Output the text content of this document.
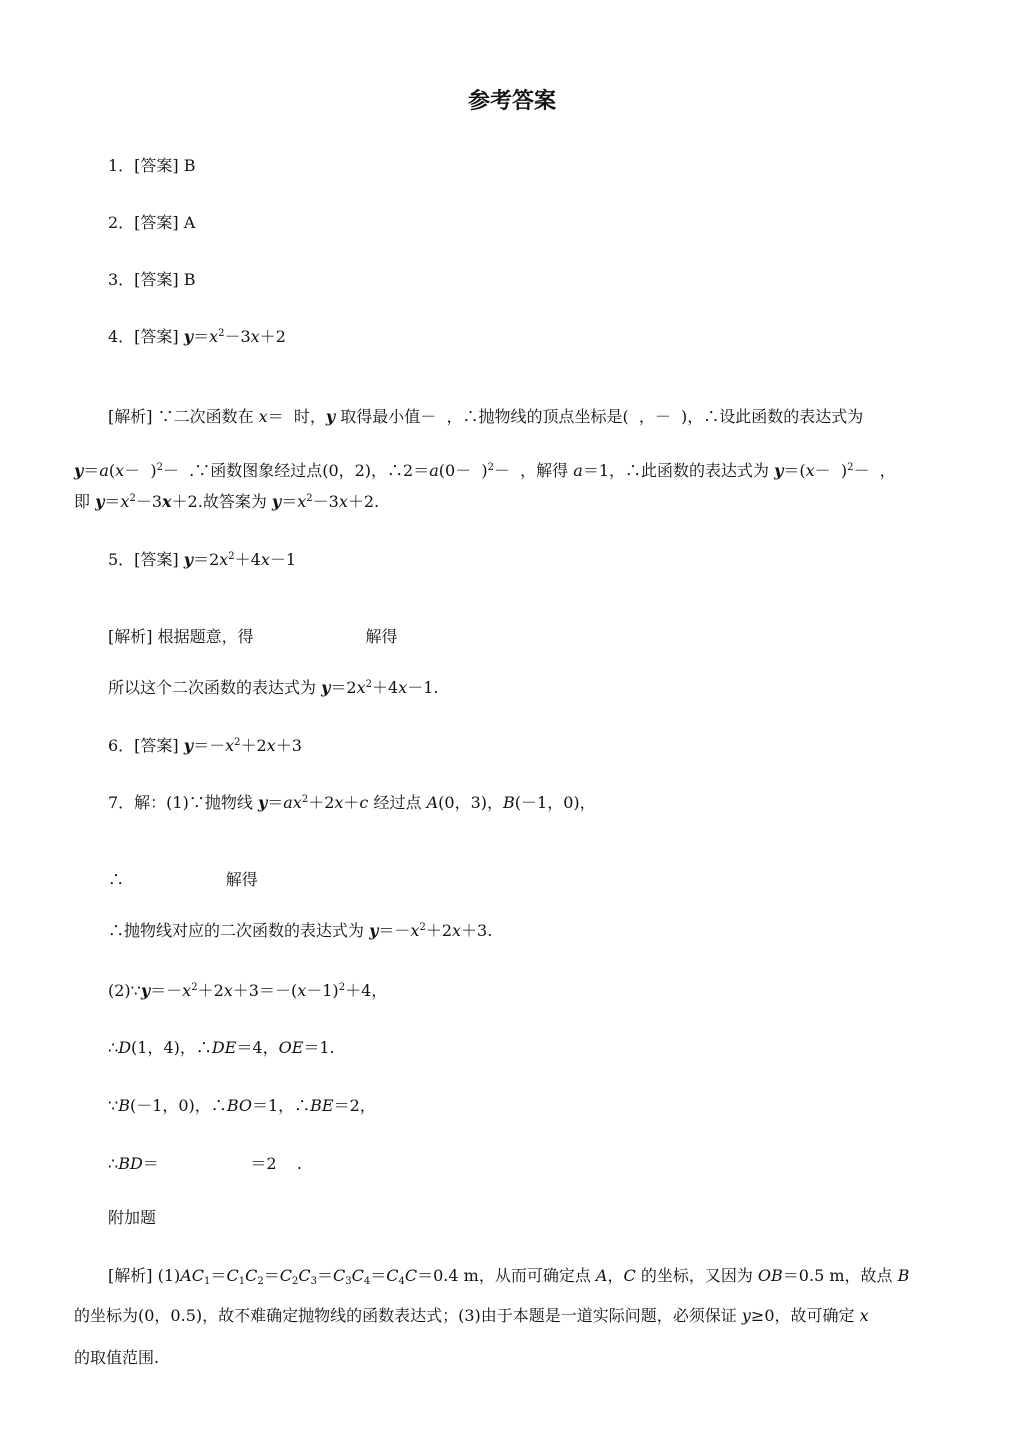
参考答案
1．[答案] B
2．[答案] A
3．[答案] B
4．[答案] $y=x^2-3x+2$
[解析] ∵二次函数在 x＝  时，y 取得最小值－  ，∴抛物线的顶点坐标是(  ，－  )，∴设此函数的表达式为
$y=a(x- )^2-$  .∵函数图象经过点(0，2)，∴2＝a(0－  )$^2$－  ，解得 a＝1，∴此函数的表达式为 $y=(x- )^2-$  ，
即 $y=x^2-3x+2$.故答案为 $y=x^2-3x+2$.
5．[答案] $y=2x^2+4x-1$
[解析] 根据题意，得                      解得
所以这个二次函数的表达式为 $y=2x^2+4x-1$.
6．[答案] $y=-x^2+2x+3$
7．解：(1)∵抛物线 $y=ax^2+2x+c$ 经过点 A(0，3)，B(－1，0)，
∴                    解得
∴抛物线对应的二次函数的表达式为 $y=-x^2+2x+3$.
$(2)\because y=-x^2+2x+3=-(x-1)^2+4$，
∴D(1，4)，∴DE＝4，OE＝1.
∵B(－1，0)，∴BO＝1，∴BE＝2，
∴BD＝                  ＝2    .
附加题
[解析] $(1)AC_1=C_1C_2=C_2C_3=C_3C_4=C_4C=0.4$ m，从而可确定点 A，C 的坐标，又因为 OB＝0.5 m，故点 B
的坐标为(0，0.5)，故不难确定抛物线的函数表达式；(3)由于本题是一道实际问题，必须保证 y≥0，故可确定 x
的取值范围.
